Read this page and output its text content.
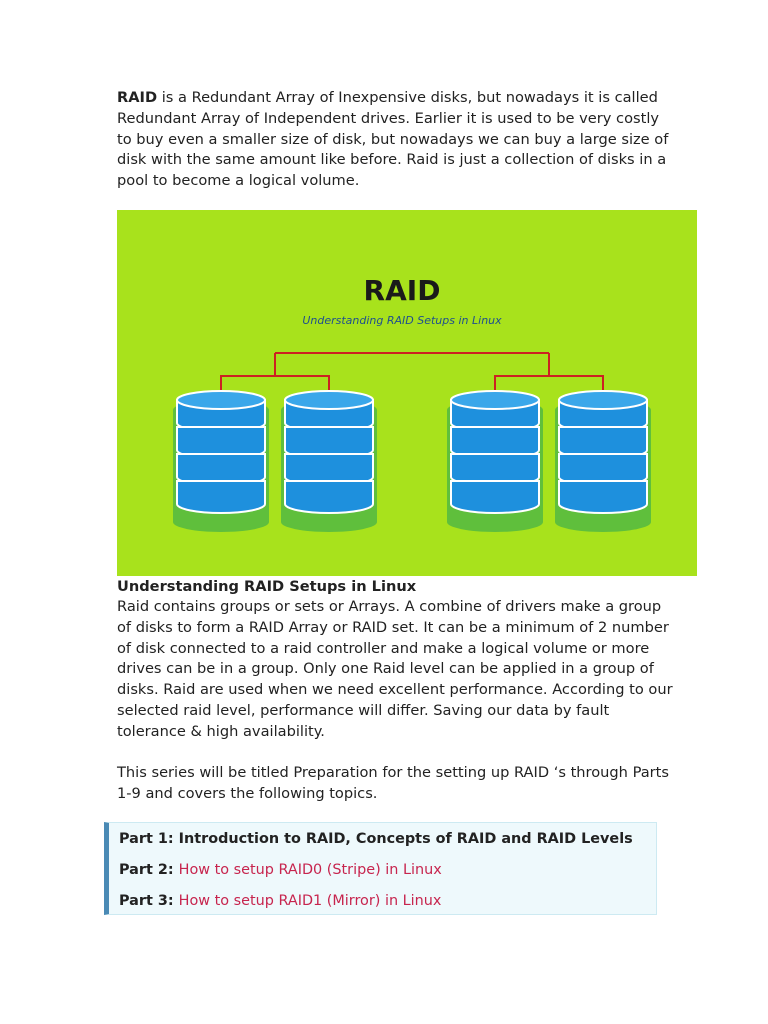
RAID is a Redundant Array of Inexpensive disks, but nowadays it is called Redundant Array of Independent drives. Earlier it is used to be very costly to buy even a smaller size of disk, but nowadays we can buy a large size of disk with the same amount like before. Raid is just a collection of disks in a pool to become a logical volume.

RAID
Understanding RAID Setups in Linux

Understanding RAID Setups in Linux

Raid contains groups or sets or Arrays. A combine of drivers make a group of disks to form a RAID Array or RAID set. It can be a minimum of 2 number of disk connected to a raid controller and make a logical volume or more drives can be in a group. Only one Raid level can be applied in a group of disks. Raid are used when we need excellent performance. According to our selected raid level, performance will differ. Saving our data by fault tolerance & high availability.

This series will be titled Preparation for the setting up RAID ‘s through Parts 1-9 and covers the following topics.

Part 1: Introduction to RAID, Concepts of RAID and RAID Levels
Part 2: How to setup RAID0 (Stripe) in Linux
Part 3: How to setup RAID1 (Mirror) in Linux
